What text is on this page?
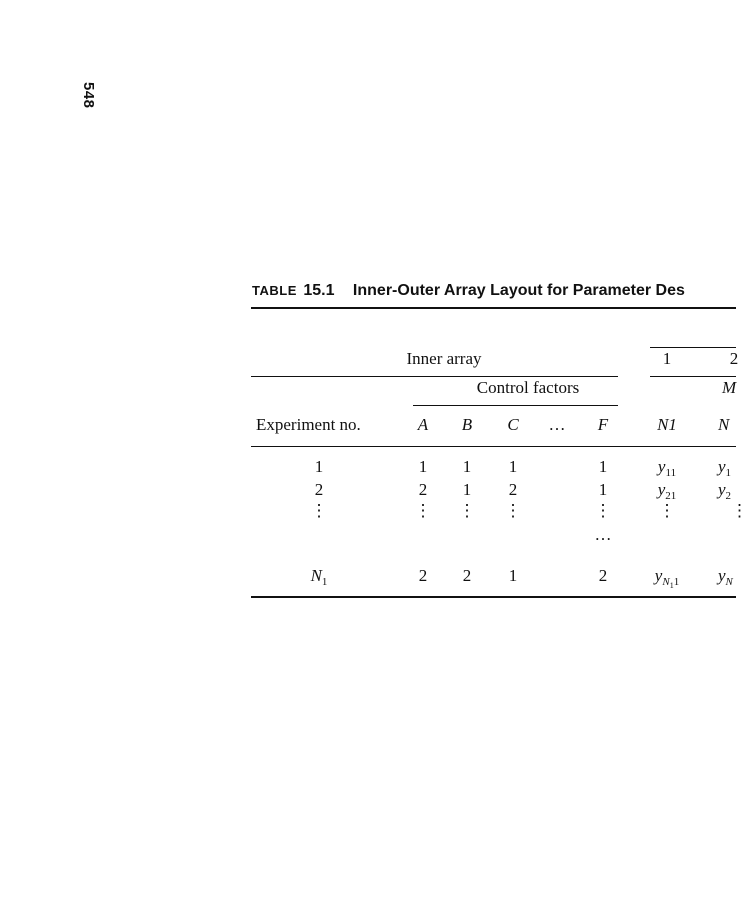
548
TABLE 15.1 Inner-Outer Array Layout for Parameter Des
Inner array	1	2
Control factors	M
Experiment no.	A B C … F	N1 N
1	1 1 1	1	$y_{11}$ $y_1$
2	2 1 2	1	$y_{21}$ $y_2$
⋮	⋮ ⋮ ⋮	⋮	⋮	⋮
…
$N_1$	2 2 1	2	$y_{N_11}$ $y_N$
